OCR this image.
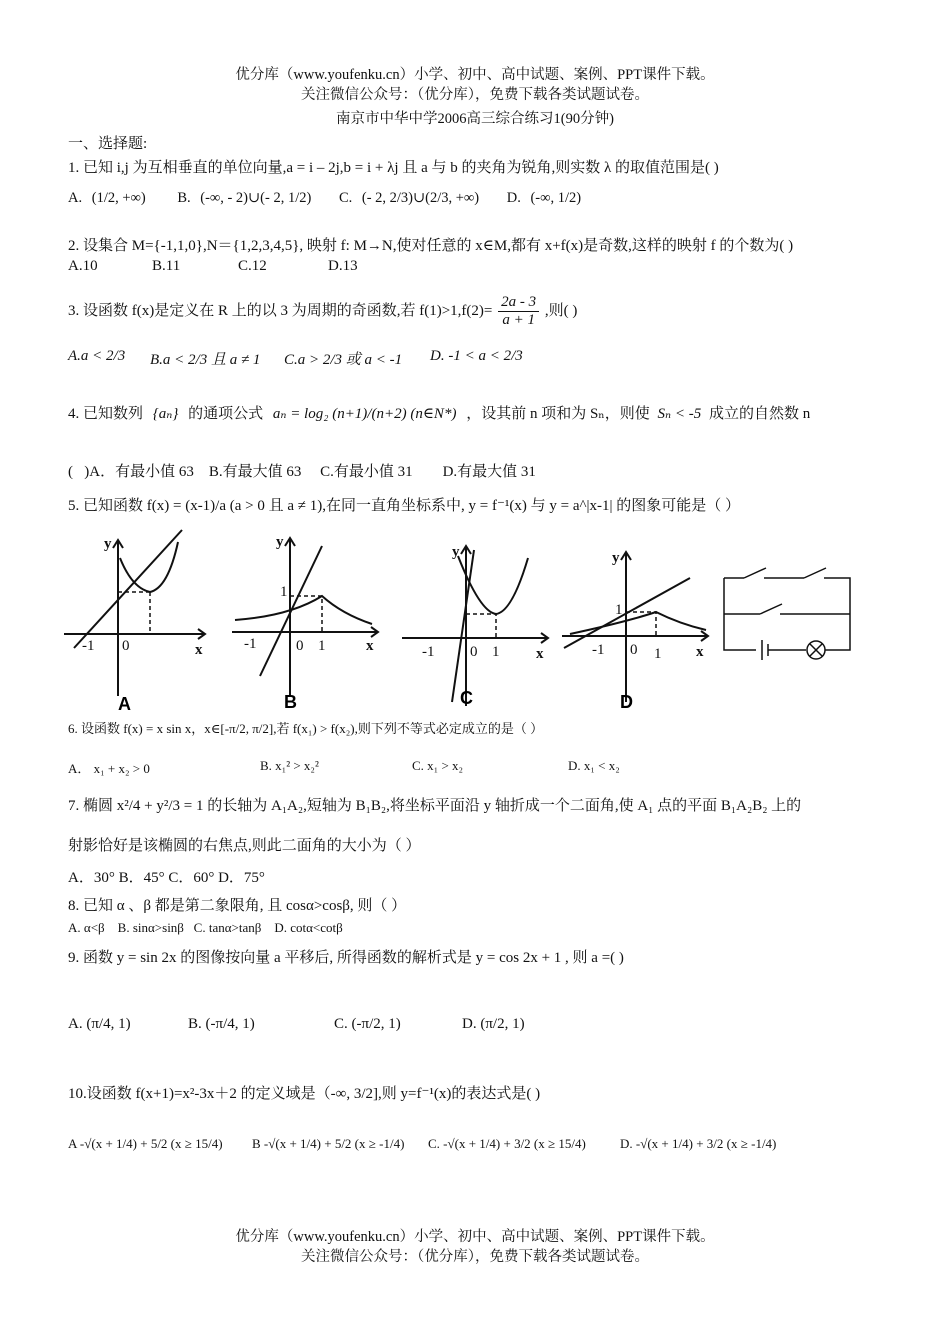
优分库（www.youfenku.cn）小学、初中、高中试题、案例、PPT课件下载。
关注微信公众号：（优分库），免费下载各类试题试卷。
南京市中华中学2006高三综合练习1(90分钟)
一、选择题:
1. 已知 i,j 为互相垂直的单位向量,a = i – 2j,b = i + λj 且 a 与 b 的夹角为锐角,则实数 λ 的取值范围是( )
A. (1/2, +∞) B. (-∞, - 2)∪(- 2, 1/2) C. (- 2, 2/3)∪(2/3, +∞) D. (-∞, 1/2)
2. 设集合 M={-1,1,0},N＝{1,2,3,4,5}, 映射 f: M→N,使对任意的 x∈M,都有 x+f(x)是奇数,这样的映射 f 的个数为( )
A.10	B.11	C.12	D.13
3. 设函数 f(x)是定义在 R 上的以 3 为周期的奇函数,若 $f(1)>1,f(2)= \frac{2a - 3}{a + 1}$ ,则( )
A.a < 2/3 B.a < 2/3 且 a ≠ 1 C.a > 2/3 或 a < -1 D. -1 < a < 2/3
4. 已知数列 {aₙ} 的通项公式 aₙ = log₂ (n+1)/(n+2) (n∈N*) ，设其前 n 项和为 Sₙ，则使 Sₙ < -5 成立的自然数 n
(   )A．有最小值 63    B.有最大值 63     C.有最小值 31        D.有最大值 31
5. 已知函数 f(x) = (x-1)/a (a > 0 且 a ≠ 1),在同一直角坐标系中, y = f⁻¹(x) 与 y = a^|x-1| 的图象可能是（ ）
y
x
-1 0
y
x
-1
1
0 1
y
x
-1 0 1
y
x
-1
1
0 1
A	B	C	D
6. 设函数 f(x) = x sin x，x∈[-π/2, π/2],若 f(x₁) > f(x₂),则下列不等式必定成立的是（ ）
A． x₁ + x₂ > 0	B. x₁² > x₂²	C. x₁ > x₂	D. x₁ < x₂
7. 椭圆 x²/4 + y²/3 = 1 的长轴为 A₁A₂,短轴为 B₁B₂,将坐标平面沿 y 轴折成一个二面角,使 A₁ 点的平面 B₁A₂B₂ 上的
射影恰好是该椭圆的右焦点,则此二面角的大小为（ ）
A．30° B．45° C．60° D．75°
8. 已知 α 、β 都是第二象限角, 且 cosα>cosβ, 则（ ）
A. α<β    B. sinα>sinβ   C. tanα>tanβ    D. cotα<cotβ
9. 函数 y = sin 2x 的图像按向量 a 平移后, 所得函数的解析式是 y = cos 2x + 1 , 则 a =( )
A. (π/4, 1)	B. (-π/4, 1)	C. (-π/2, 1)	D. (π/2, 1)
10.设函数 f(x+1)=x²-3x＋2 的定义域是（-∞, 3/2],则 y=f⁻¹(x)的表达式是( )
A -√(x + 1/4) + 5/2 (x ≥ 15/4) B -√(x + 1/4) + 5/2 (x ≥ -1/4) C. -√(x + 1/4) + 3/2 (x ≥ 15/4)	D. -√(x + 1/4) + 3/2 (x ≥ -1/4)
优分库（www.youfenku.cn）小学、初中、高中试题、案例、PPT课件下载。
关注微信公众号：（优分库），免费下载各类试题试卷。
